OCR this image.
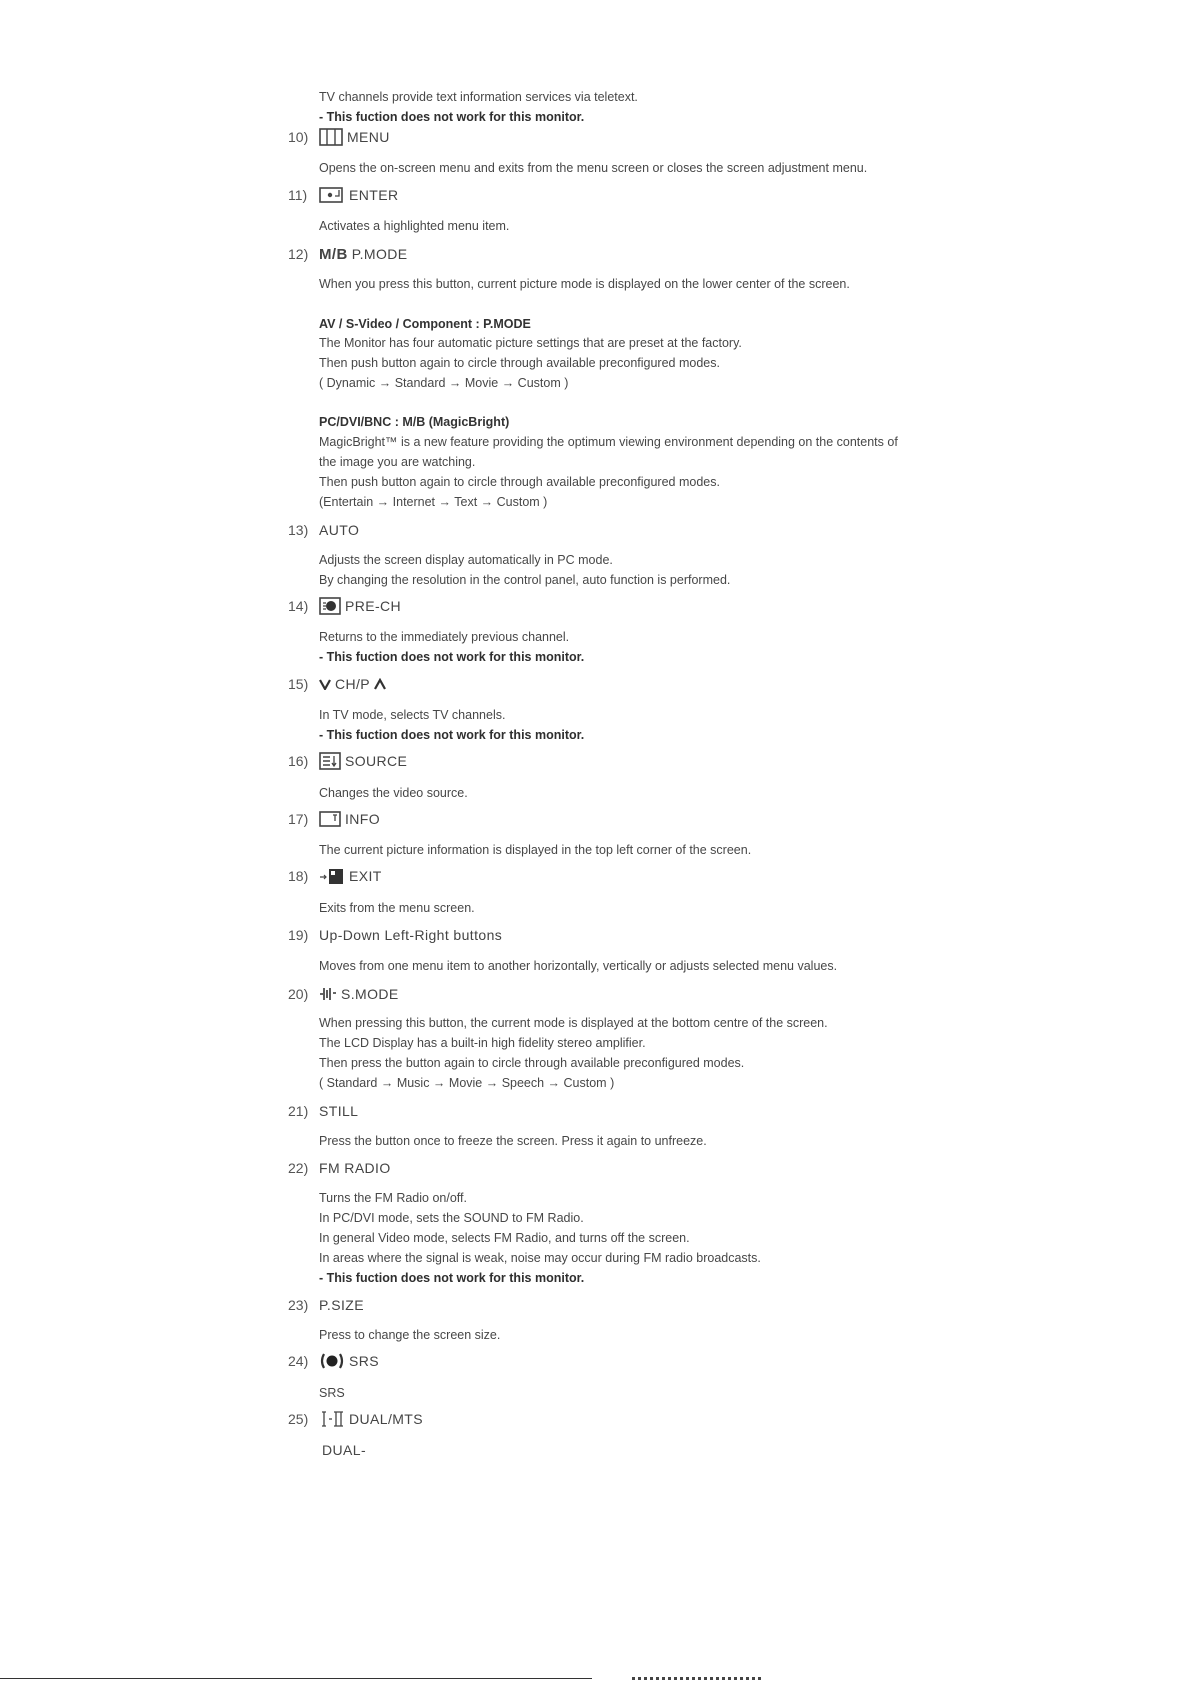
TV channels provide text information services via teletext.
- This fuction does not work for this monitor.
10)	MENU
Opens the on-screen menu and exits from the menu screen or closes the screen adjustment menu.
11)	ENTER
Activates a highlighted menu item.
12) M/B P.MODE
When you press this button, current picture mode is displayed on the lower center of the screen.
AV / S-Video / Component : P.MODE
The Monitor has four automatic picture settings that are preset at the factory.
Then push button again to circle through available preconfigured modes.
( Dynamic → Standard → Movie → Custom )
PC/DVI/BNC : M/B (MagicBright)
MagicBright™ is a new feature providing the optimum viewing environment depending on the contents of
the image you are watching.
Then push button again to circle through available preconfigured modes.
(Entertain → Internet → Text → Custom )
13) AUTO
Adjusts the screen display automatically in PC mode.
By changing the resolution in the control panel, auto function is performed.
14)	PRE-CH
Returns to the immediately previous channel.
- This fuction does not work for this monitor.
15)	CH/P
In TV mode, selects TV channels.
- This fuction does not work for this monitor.
16)	SOURCE
Changes the video source.
17)	INFO
The current picture information is displayed in the top left corner of the screen.
18)	EXIT
Exits from the menu screen.
19) Up-Down Left-Right buttons
Moves from one menu item to another horizontally, vertically or adjusts selected menu values.
20)	S.MODE
When pressing this button, the current mode is displayed at the bottom centre of the screen.
The LCD Display has a built-in high fidelity stereo amplifier.
Then press the button again to circle through available preconfigured modes.
( Standard → Music → Movie → Speech → Custom )
21) STILL
Press the button once to freeze the screen. Press it again to unfreeze.
22) FM RADIO
Turns the FM Radio on/off.
In PC/DVI mode, sets the SOUND to FM Radio.
In general Video mode, selects FM Radio, and turns off the screen.
In areas where the signal is weak, noise may occur during FM radio broadcasts.
- This fuction does not work for this monitor.
23) P.SIZE
Press to change the screen size.
24)	SRS
SRS
25)	DUAL/MTS
DUAL-
